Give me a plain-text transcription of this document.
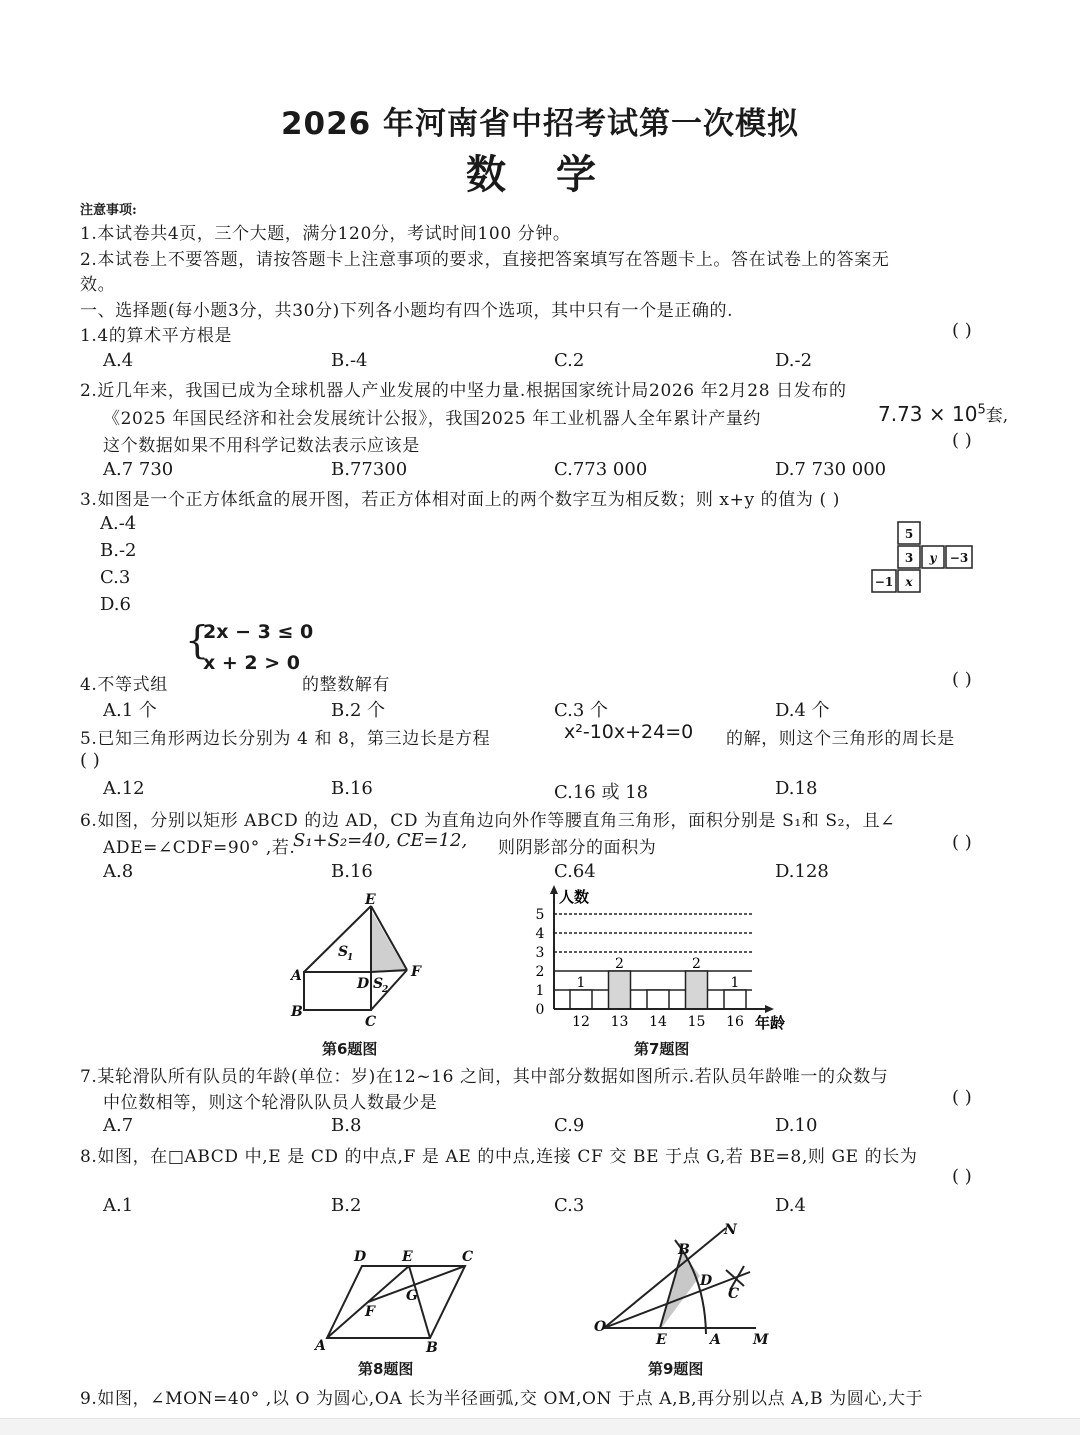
2026 年河南省中招考试第一次模拟
数 学
注意事项:
1.本试卷共4页，三个大题，满分120分，考试时间100 分钟。
2.本试卷上不要答题，请按答题卡上注意事项的要求，直接把答案填写在答题卡上。答在试卷上的答案无
效。
一、选择题(每小题3分，共30分)下列各小题均有四个选项，其中只有一个是正确的.
1.4的算术平方根是	( )
A.4	B.-4	C.2	D.-2
2.近几年来，我国已成为全球机器人产业发展的中坚力量.根据国家统计局2026 年2月28 日发布的
《2025 年国民经济和社会发展统计公报》，我国2025 年工业机器人全年累计产量约	$7.73 \times 10^5$套,
这个数据如果不用科学记数法表示应该是	( )
A.7 730	B.77300	C.773 000	D.7 730 000
3.如图是一个正方体纸盒的展开图，若正方体相对面上的两个数字互为相反数；则 x+y 的值为 ( )
A.-4
B.-2
C.3
D.6
5
3 y −3
−1 x
{
2x − 3 ≤ 0
x + 2 > 0
4.不等式组	的整数解有	( )
A.1 个	B.2 个	C.3 个	D.4 个
5.已知三角形两边长分别为 4 和 8，第三边长是方程	x²-10x+24=0 的解，则这个三角形的周长是
( )
A.12	B.16	C.16 或 18	D.18
6.如图，分别以矩形 ABCD 的边 AD，CD 为直角边向外作等腰直角三角形，面积分别是 S₁和 S₂，且∠
ADE=∠CDF=90° ,若.
S₁+S₂=40, CE=12, 则阴影部分的面积为	( )
A.8	B.16	C.64	D.128
E
A
B
C
D
F
S
1
S
2
第6题图
人数
年龄
0
1
2
3
4
5
12 13 14 15 16
1
2	2
1
第7题图
7.某轮滑队所有队员的年龄(单位：岁)在12~16 之间，其中部分数据如图所示.若队员年龄唯一的众数与
中位数相等，则这个轮滑队队员人数最少是	( )
A.7	B.8	C.9	D.10
8.如图，在□ABCD 中,E 是 CD 的中点,F 是 AE 的中点,连接 CF 交 BE 于点 G,若 BE=8,则 GE 的长为
( )
A.1	B.2	C.3	D.4
D	E	C
F
G
A	B
第8题图
N
B
D
C
O
E	A M
第9题图
9.如图，∠MON=40° ,以 O 为圆心,OA 长为半径画弧,交 OM,ON 于点 A,B,再分别以点 A,B 为圆心,大于
